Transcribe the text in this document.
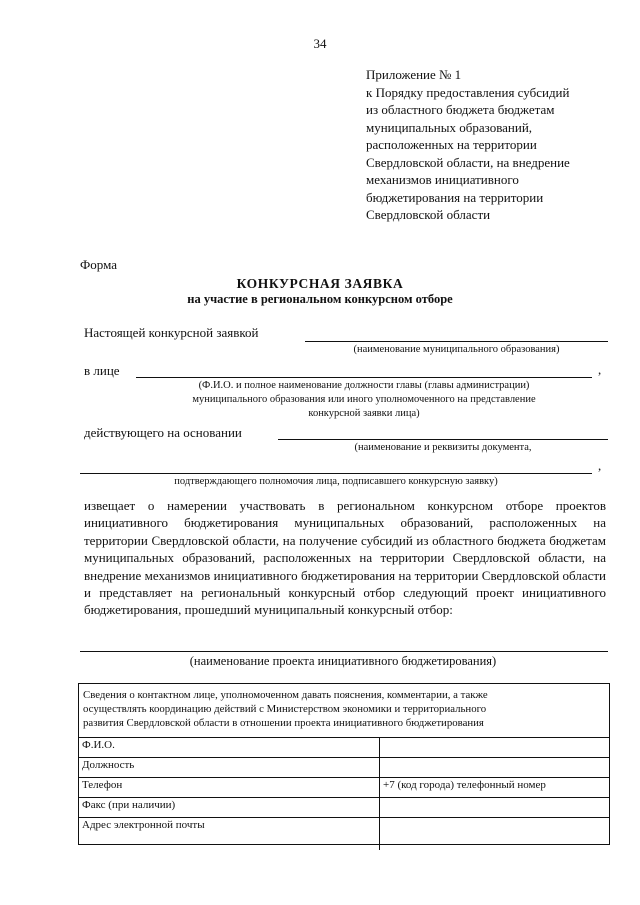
34
Приложение № 1
к Порядку предоставления субсидий
из областного бюджета бюджетам
муниципальных образований,
расположенных на территории
Свердловской области, на внедрение
механизмов инициативного
бюджетирования на территории
Свердловской области
Форма
КОНКУРСНАЯ ЗАЯВКА
на участие в региональном конкурсном отборе
Настоящей конкурсной заявкой
(наименование муниципального образования)
в лице	,
(Ф.И.О. и полное наименование должности главы (главы администрации)
муниципального образования или иного уполномоченного на представление
конкурсной заявки лица)
действующего на основании
(наименование и реквизиты документа,
,
подтверждающего полномочия лица, подписавшего конкурсную заявку)

извещает о намерении участвовать в региональном конкурсном отборе проектов инициативного бюджетирования муниципальных образований, расположенных на территории Свердловской области, на получение субсидий из областного бюджета бюджетам муниципальных образований, расположенных на территории Свердловской области, на внедрение механизмов инициативного бюджетирования на территории Свердловской области и представляет на региональный конкурсный отбор следующий проект инициативного бюджетирования, прошедший муниципальный конкурсный отбор:

(наименование проекта инициативного бюджетирования)
Сведения о контактном лице, уполномоченном давать пояснения, комментарии, а также
осуществлять координацию действий с Министерством экономики и территориального
развития Свердловской области в отношении проекта инициативного бюджетирования
Ф.И.О.	
Должность	
Телефон	+7 (код города) телефонный номер
Факс (при наличии)	
Адрес электронной почты	
